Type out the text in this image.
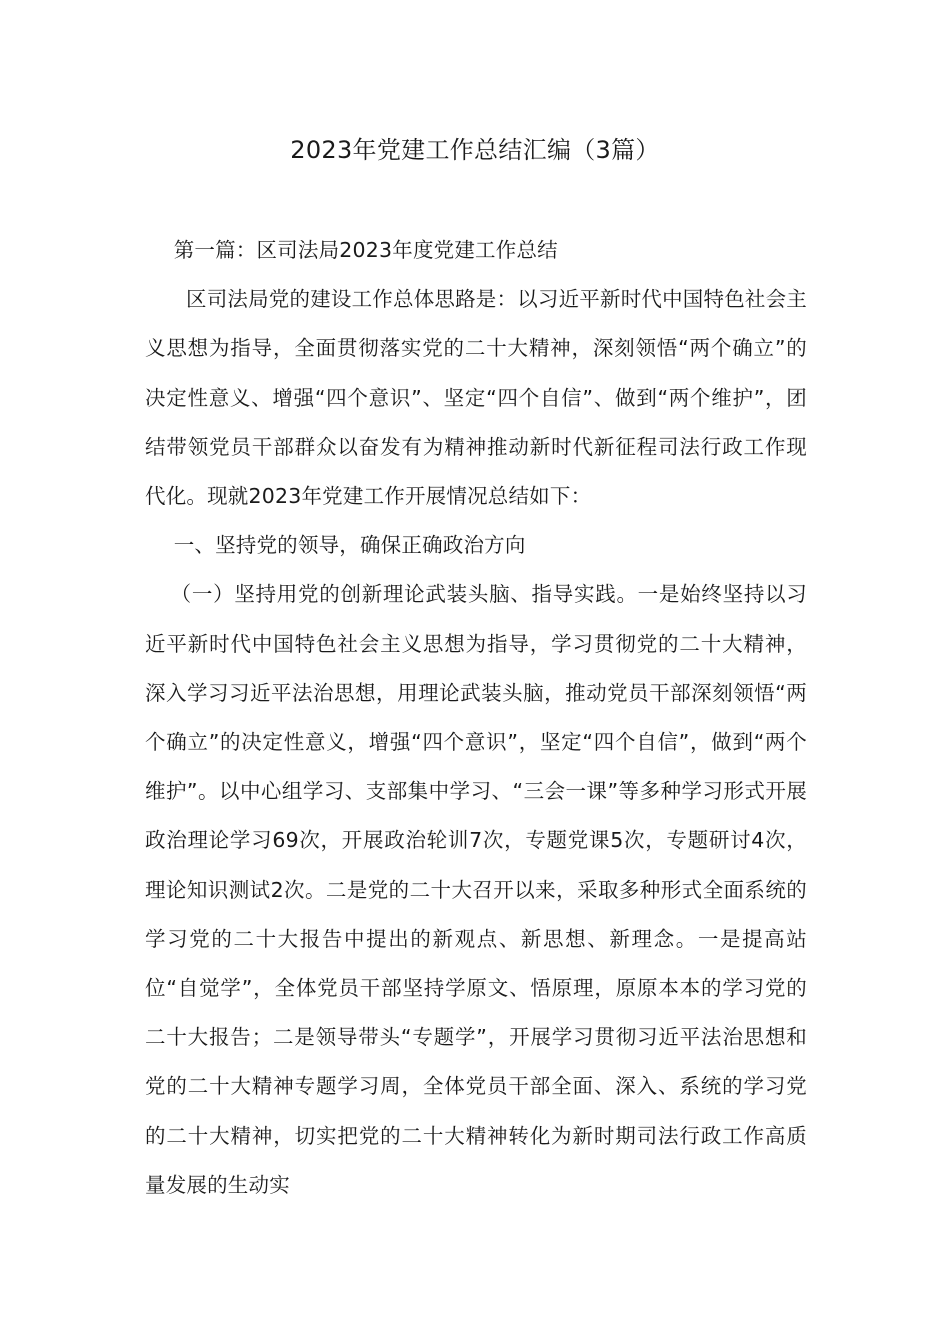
2023年党建工作总结汇编（3篇）

第一篇：区司法局2023年度党建工作总结

区司法局党的建设工作总体思路是：以习近平新时代中国特色社会主义思想为指导，全面贯彻落实党的二十大精神，深刻领悟“两个确立”的决定性意义、增强“四个意识”、坚定“四个自信”、做到“两个维护”，团结带领党员干部群众以奋发有为精神推动新时代新征程司法行政工作现代化。现就2023年党建工作开展情况总结如下：

一、坚持党的领导，确保正确政治方向

（一）坚持用党的创新理论武装头脑、指导实践。一是始终坚持以习近平新时代中国特色社会主义思想为指导，学习贯彻党的二十大精神，深入学习习近平法治思想，用理论武装头脑，推动党员干部深刻领悟“两个确立”的决定性意义，增强“四个意识”，坚定“四个自信”，做到“两个维护”。以中心组学习、支部集中学习、“三会一课”等多种学习形式开展政治理论学习69次，开展政治轮训7次，专题党课5次，专题研讨4次，理论知识测试2次。二是党的二十大召开以来，采取多种形式全面系统的学习党的二十大报告中提出的新观点、新思想、新理念。一是提高站位“自觉学”，全体党员干部坚持学原文、悟原理，原原本本的学习党的二十大报告；二是领导带头“专题学”，开展学习贯彻习近平法治思想和党的二十大精神专题学习周，全体党员干部全面、深入、系统的学习党的二十大精神，切实把党的二十大精神转化为新时期司法行政工作高质量发展的生动实
